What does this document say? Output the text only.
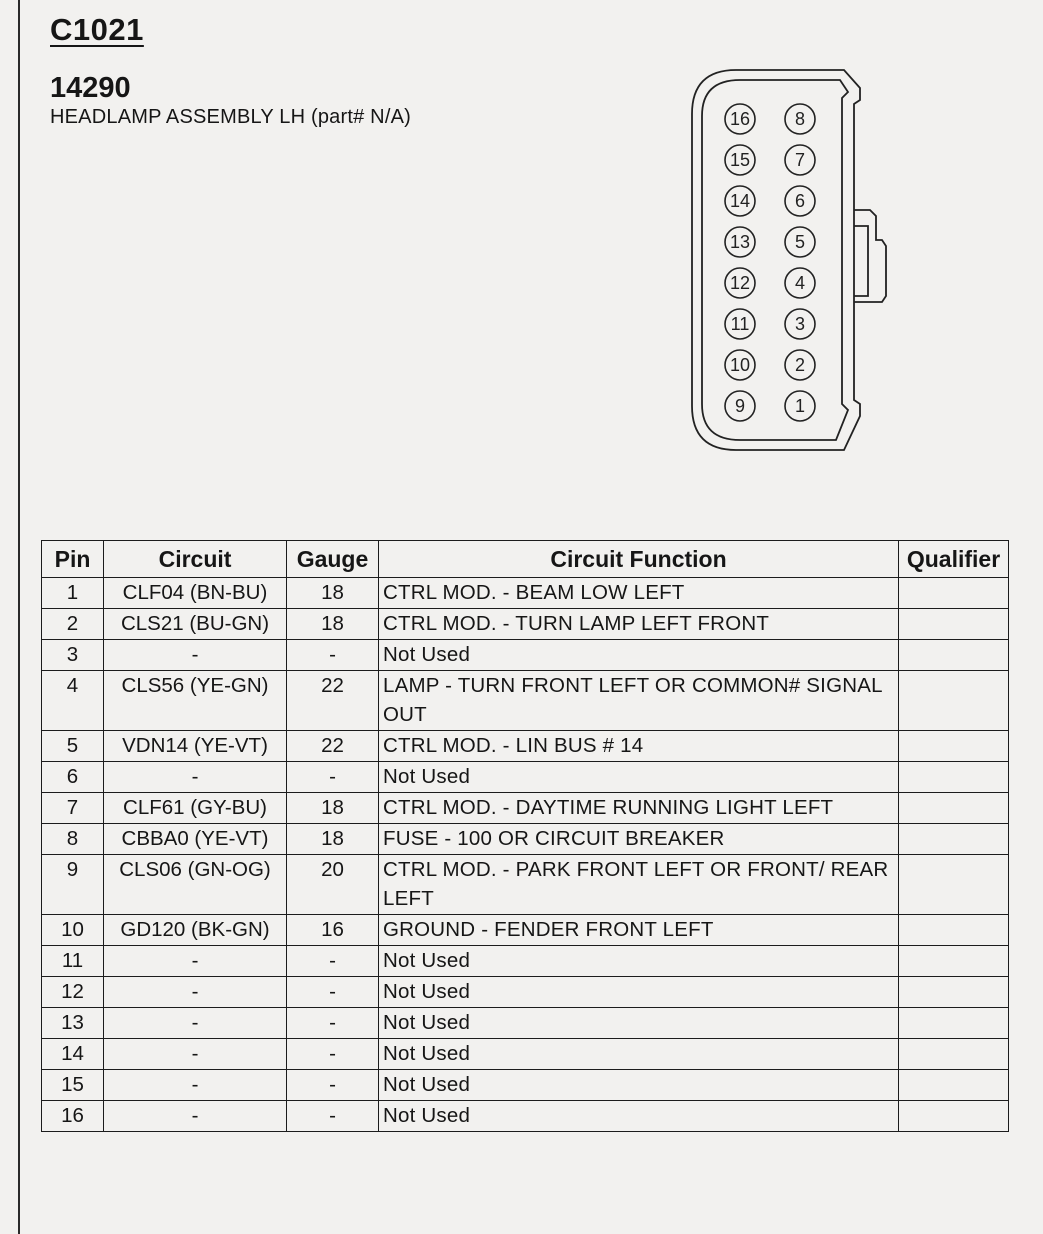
C1021
14290
HEADLAMP ASSEMBLY LH (part# N/A)	16
15
14
13
12
11
10
9
8
7
6
5
4
3
2
1
Pin	Circuit	Gauge	Circuit Function	Qualifier
1	CLF04 (BN-BU)	18	CTRL MOD. - BEAM LOW LEFT	
2	CLS21 (BU-GN)	18	CTRL MOD. - TURN LAMP LEFT FRONT	
3	-	-	Not Used	
4	CLS56 (YE-GN)	22	LAMP - TURN FRONT LEFT OR COMMON# SIGNAL OUT	
5	VDN14 (YE-VT)	22	CTRL MOD. - LIN BUS # 14	
6	-	-	Not Used	
7	CLF61 (GY-BU)	18	CTRL MOD. - DAYTIME RUNNING LIGHT LEFT	
8	CBBA0 (YE-VT)	18	FUSE - 100 OR CIRCUIT BREAKER	
9	CLS06 (GN-OG)	20	CTRL MOD. - PARK FRONT LEFT OR FRONT/ REAR LEFT	
10	GD120 (BK-GN)	16	GROUND - FENDER FRONT LEFT	
11	-	-	Not Used	
12	-	-	Not Used	
13	-	-	Not Used	
14	-	-	Not Used	
15	-	-	Not Used	
16	-	-	Not Used	
